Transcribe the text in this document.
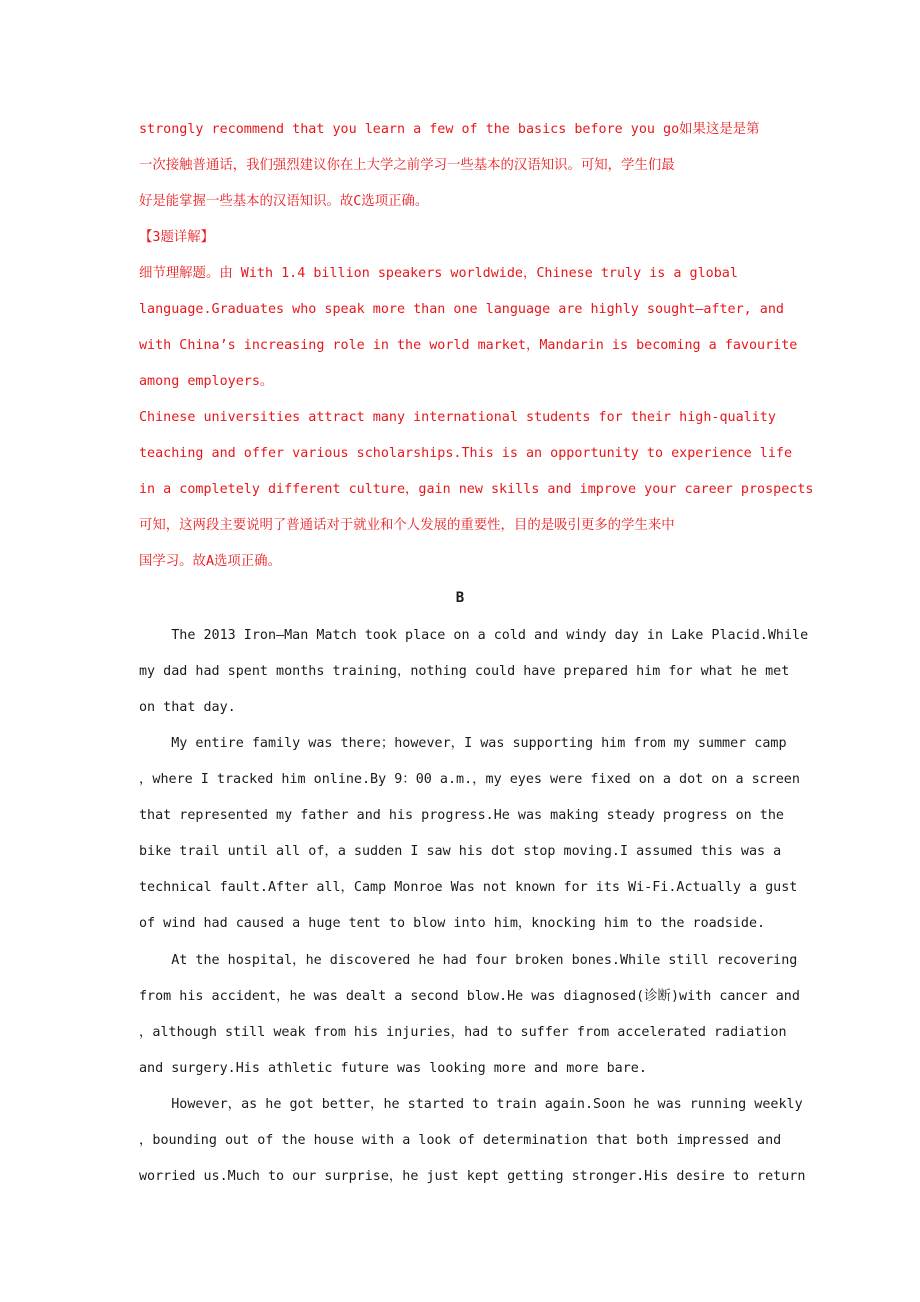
strongly recommend that you learn a few of the basics before you go如果这是是第

一次接触普通话，我们强烈建议你在上大学之前学习一些基本的汉语知识。可知，学生们最

好是能掌握一些基本的汉语知识。故C选项正确。

【3题详解】

细节理解题。由 With 1.4 billion speakers worldwide，Chinese truly is a global

language.Graduates who speak more than one language are highly sought—after, and

with China’s increasing role in the world market，Mandarin is becoming a favourite

among employers。

Chinese universities attract many international students for their high-quality

teaching and offer various scholarships.This is an opportunity to experience life

in a completely different culture，gain new skills and improve your career prospects

可知，这两段主要说明了普通话对于就业和个人发展的重要性，目的是吸引更多的学生来中

国学习。故A选项正确。

B

The 2013 Iron—Man Match took place on a cold and windy day in Lake Placid.While

my dad had spent months training，nothing could have prepared him for what he met

on that day.

My entire family was there；however，I was supporting him from my summer camp

，where I tracked him online.By 9：00 a.m.，my eyes were fixed on a dot on a screen

that represented my father and his progress.He was making steady progress on the

bike trail until all of，a sudden I saw his dot stop moving.I assumed this was a

technical fault.After all，Camp Monroe Was not known for its Wi-Fi.Actually a gust

of wind had caused a huge tent to blow into him，knocking him to the roadside.

At the hospital，he discovered he had four broken bones.While still recovering

from his accident，he was dealt a second blow.He was diagnosed(诊断)with cancer and

，although still weak from his injuries，had to suffer from accelerated radiation

and surgery.His athletic future was looking more and more bare.

However，as he got better，he started to train again.Soon he was running weekly

，bounding out of the house with a look of determination that both impressed and

worried us.Much to our surprise，he just kept getting stronger.His desire to return
